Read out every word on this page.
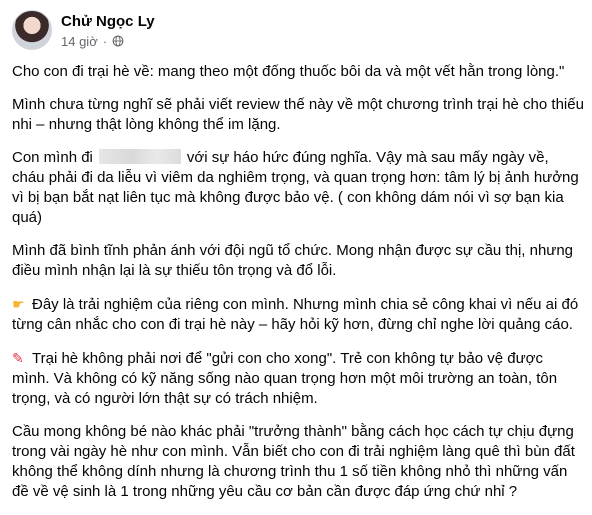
Chử Ngọc Ly
14 giờ ·

Cho con đi trại hè về: mang theo một đống thuốc bôi da và một vết hằn trong lòng."

Mình chưa từng nghĩ sẽ phải viết review thế này về một chương trình trại hè cho thiếu nhi – nhưng thật lòng không thể im lặng.

Con mình đi	với sự háo hức đúng nghĩa. Vậy mà sau mấy ngày về, cháu phải đi da liễu vì viêm da nghiêm trọng, và quan trọng hơn: tâm lý bị ảnh hưởng vì bị bạn bắt nạt liên tục mà không được bảo vệ. ( con không dám nói vì sợ bạn kia quá)

Mình đã bình tĩnh phản ánh với đội ngũ tổ chức. Mong nhận được sự cầu thị, nhưng điều mình nhận lại là sự thiếu tôn trọng và đổ lỗi.

☛ Đây là trải nghiệm của riêng con mình. Nhưng mình chia sẻ công khai vì nếu ai đó từng cân nhắc cho con đi trại hè này – hãy hỏi kỹ hơn, đừng chỉ nghe lời quảng cáo.

✎ Trại hè không phải nơi để "gửi con cho xong". Trẻ con không tự bảo vệ được mình. Và không có kỹ năng sống nào quan trọng hơn một môi trường an toàn, tôn trọng, và có người lớn thật sự có trách nhiệm.

Cầu mong không bé nào khác phải "trưởng thành" bằng cách học cách tự chịu đựng trong vài ngày hè như con mình. Vẫn biết cho con đi trải nghiệm làng quê thì bùn đất không thể không dính nhưng là chương trình thu 1 số tiền không nhỏ thì những vấn đề về vệ sinh là 1 trong những yêu cầu cơ bản cần được đáp ứng chứ nhỉ ?
